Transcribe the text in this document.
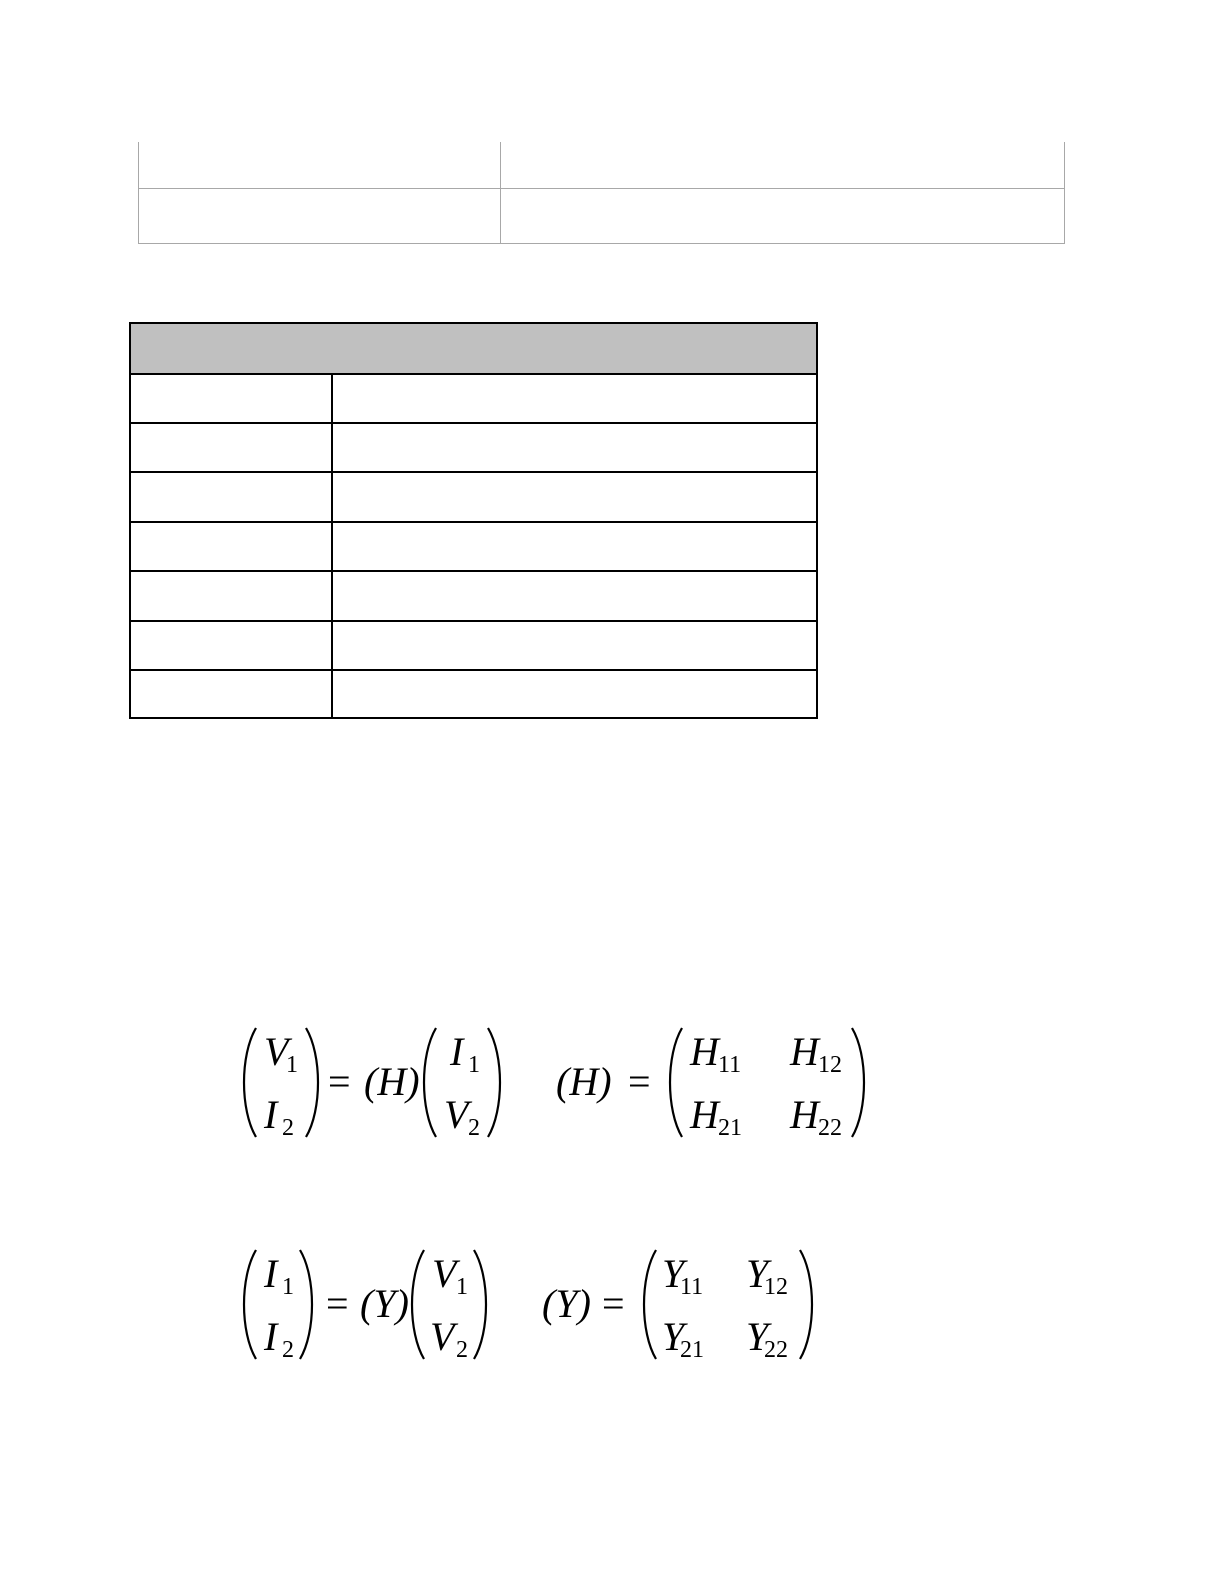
V
1
I 2
= (H)
I 1
V 2
(H) =
H 11 H 12
H 21 H 22
I 1
I 2
= (Y)
V 1
V 2
(Y) =
Y
11 Y
12
Y
21 Y
22
